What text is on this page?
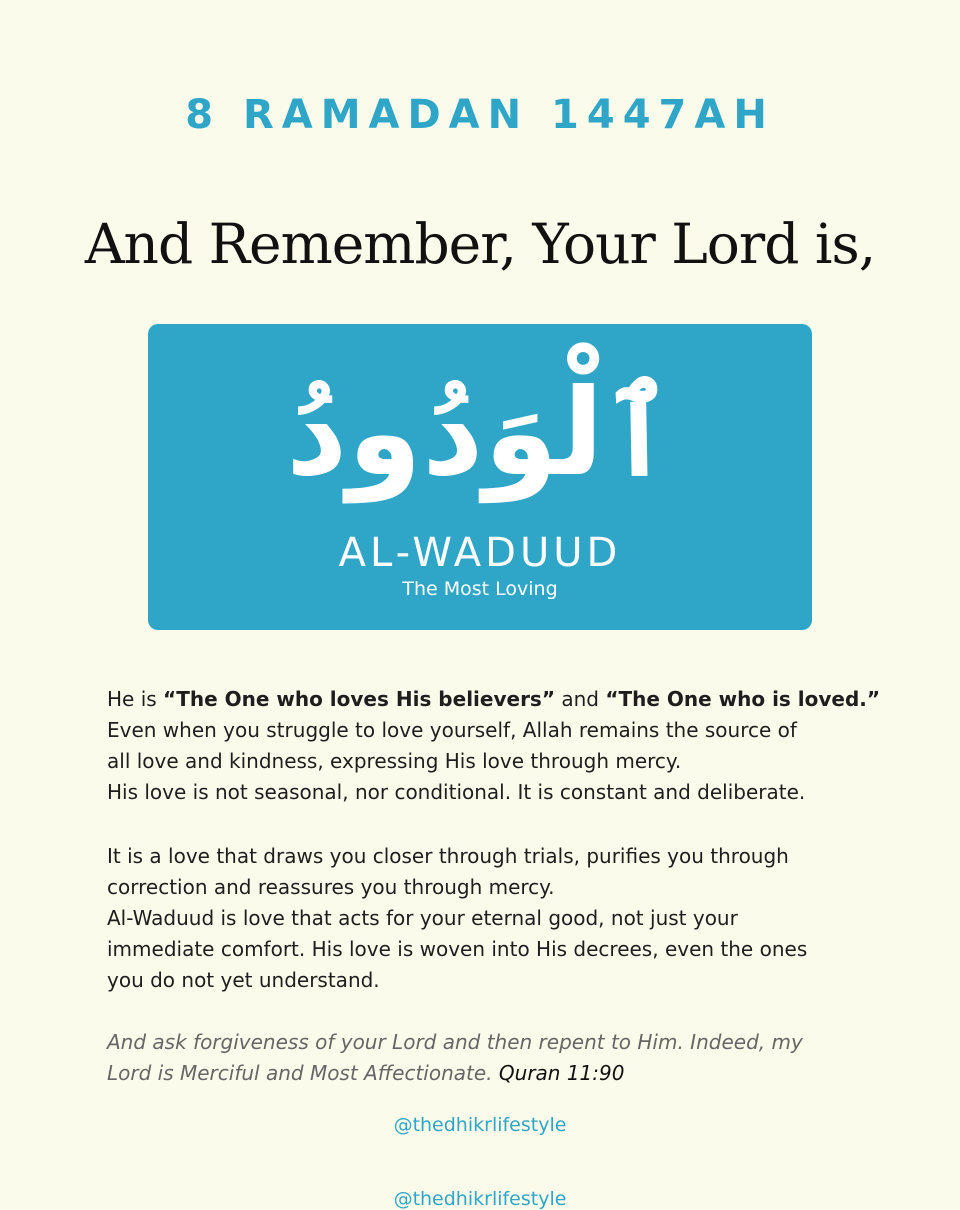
8 RAMADAN 1447AH
And Remember, Your Lord is,
ٱلْوَدُودُ
AL-WADUUD
The Most Loving
He is “The One who loves His believers” and “The One who is loved.”
Even when you struggle to love yourself, Allah remains the source of
all love and kindness, expressing His love through mercy.
His love is not seasonal, nor conditional. It is constant and deliberate.
It is a love that draws you closer through trials, purifies you through
correction and reassures you through mercy.
Al-Waduud is love that acts for your eternal good, not just your
immediate comfort. His love is woven into His decrees, even the ones
you do not yet understand.
And ask forgiveness of your Lord and then repent to Him. Indeed, my
Lord is Merciful and Most Affectionate. Quran 11:90
@thedhikrlifestyle
@thedhikrlifestyle
